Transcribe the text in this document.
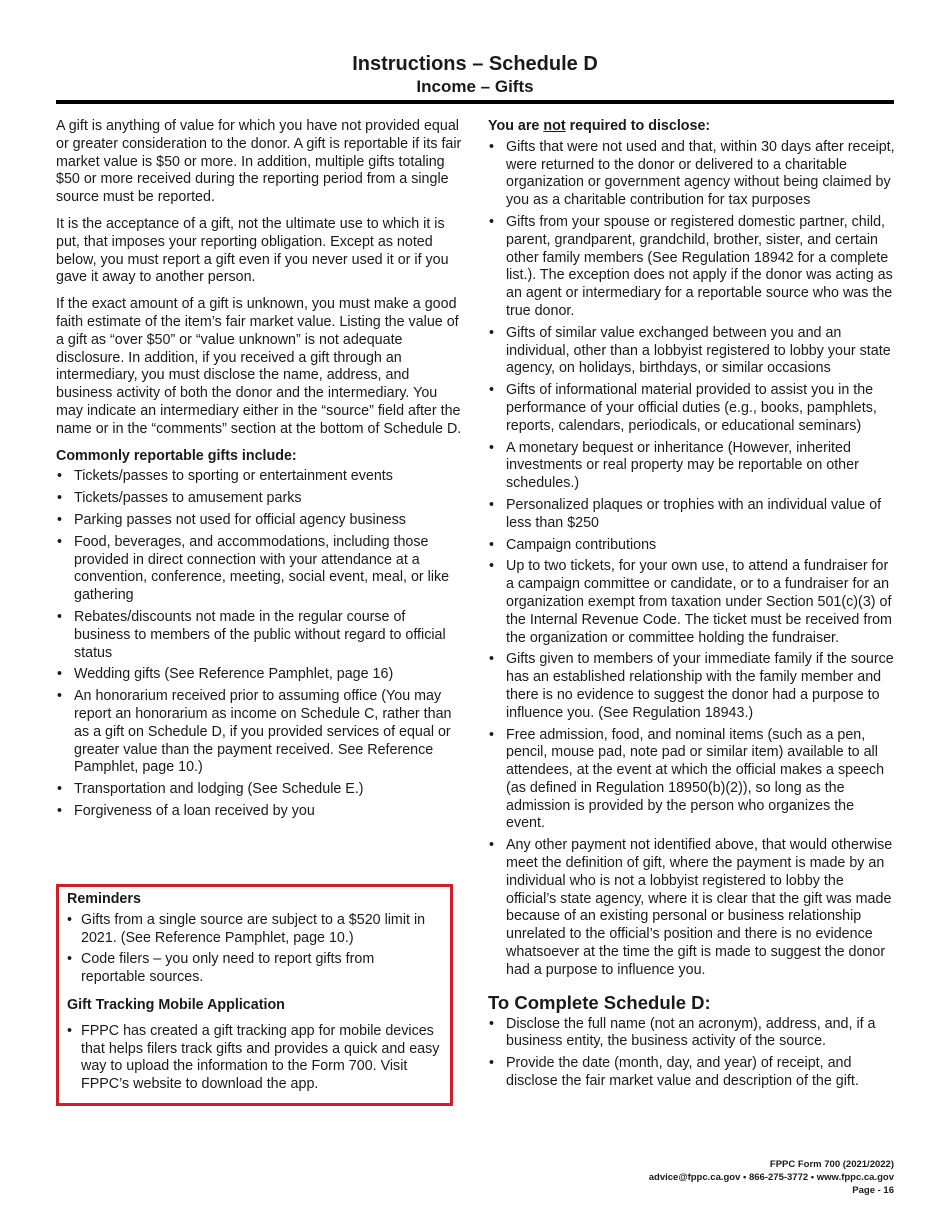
Instructions – Schedule D
Income – Gifts

A gift is anything of value for which you have not provided equal or greater consideration to the donor. A gift is reportable if its fair market value is $50 or more. In addition, multiple gifts totaling $50 or more received during the reporting period from a single source must be reported.

It is the acceptance of a gift, not the ultimate use to which it is put, that imposes your reporting obligation. Except as noted below, you must report a gift even if you never used it or if you gave it away to another person.

If the exact amount of a gift is unknown, you must make a good faith estimate of the item’s fair market value. Listing the value of a gift as “over $50” or “value unknown” is not adequate disclosure. In addition, if you received a gift through an intermediary, you must disclose the name, address, and business activity of both the donor and the intermediary. You may indicate an intermediary either in the “source” field after the name or in the “comments” section at the bottom of Schedule D.

Commonly reportable gifts include:
• Tickets/passes to sporting or entertainment events
• Tickets/passes to amusement parks
• Parking passes not used for official agency business
• Food, beverages, and accommodations, including those provided in direct connection with your attendance at a convention, conference, meeting, social event, meal, or like gathering
• Rebates/discounts not made in the regular course of business to members of the public without regard to official status
• Wedding gifts (See Reference Pamphlet, page 16)
• An honorarium received prior to assuming office (You may report an honorarium as income on Schedule C, rather than as a gift on Schedule D, if you provided services of equal or greater value than the payment received. See Reference Pamphlet, page 10.)
• Transportation and lodging (See Schedule E.)
• Forgiveness of a loan received by you
Reminders
• Gifts from a single source are subject to a $520 limit in 2021. (See Reference Pamphlet, page 10.)
• Code filers – you only need to report gifts from reportable sources.
Gift Tracking Mobile Application
• FPPC has created a gift tracking app for mobile devices that helps filers track gifts and provides a quick and easy way to upload the information to the Form 700. Visit FPPC’s website to download the app.
You are not required to disclose:
• Gifts that were not used and that, within 30 days after receipt, were returned to the donor or delivered to a charitable organization or government agency without being claimed by you as a charitable contribution for tax purposes
• Gifts from your spouse or registered domestic partner, child, parent, grandparent, grandchild, brother, sister, and certain other family members (See Regulation 18942 for a complete list.). The exception does not apply if the donor was acting as an agent or intermediary for a reportable source who was the true donor.
• Gifts of similar value exchanged between you and an individual, other than a lobbyist registered to lobby your state agency, on holidays, birthdays, or similar occasions
• Gifts of informational material provided to assist you in the performance of your official duties (e.g., books, pamphlets, reports, calendars, periodicals, or educational seminars)
• A monetary bequest or inheritance (However, inherited investments or real property may be reportable on other schedules.)
• Personalized plaques or trophies with an individual value of less than $250
• Campaign contributions
• Up to two tickets, for your own use, to attend a fundraiser for a campaign committee or candidate, or to a fundraiser for an organization exempt from taxation under Section 501(c)(3) of the Internal Revenue Code. The ticket must be received from the organization or committee holding the fundraiser.
• Gifts given to members of your immediate family if the source has an established relationship with the family member and there is no evidence to suggest the donor had a purpose to influence you. (See Regulation 18943.)
• Free admission, food, and nominal items (such as a pen, pencil, mouse pad, note pad or similar item) available to all attendees, at the event at which the official makes a speech (as defined in Regulation 18950(b)(2)), so long as the admission is provided by the person who organizes the event.
• Any other payment not identified above, that would otherwise meet the definition of gift, where the payment is made by an individual who is not a lobbyist registered to lobby the official’s state agency, where it is clear that the gift was made because of an existing personal or business relationship unrelated to the official’s position and there is no evidence whatsoever at the time the gift is made to suggest the donor had a purpose to influence you.
To Complete Schedule D:
• Disclose the full name (not an acronym), address, and, if a business entity, the business activity of the source.
• Provide the date (month, day, and year) of receipt, and disclose the fair market value and description of the gift.
FPPC Form 700 (2021/2022)
advice@fppc.ca.gov • 866-275-3772 • www.fppc.ca.gov
Page - 16
